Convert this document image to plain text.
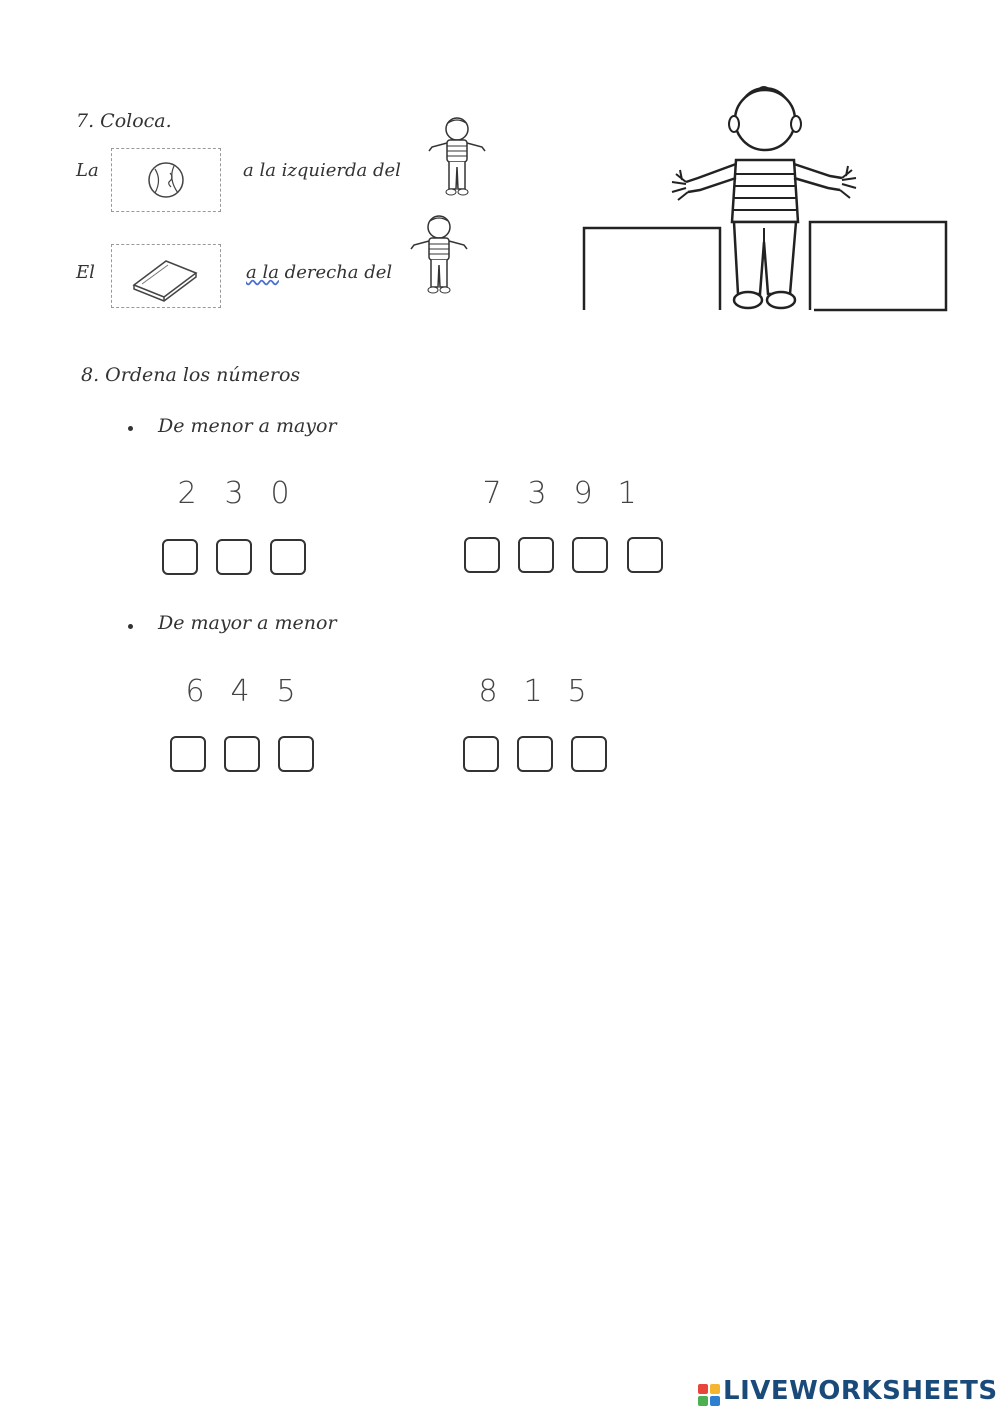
7. Coloca.
La	a la izquierda del
El	a la derecha del
8. Ordena los números
De menor a mayor
2 3 0	7 3 9 1
De mayor a menor
6 4 5	8 1 5
LIVEWORKSHEETS
